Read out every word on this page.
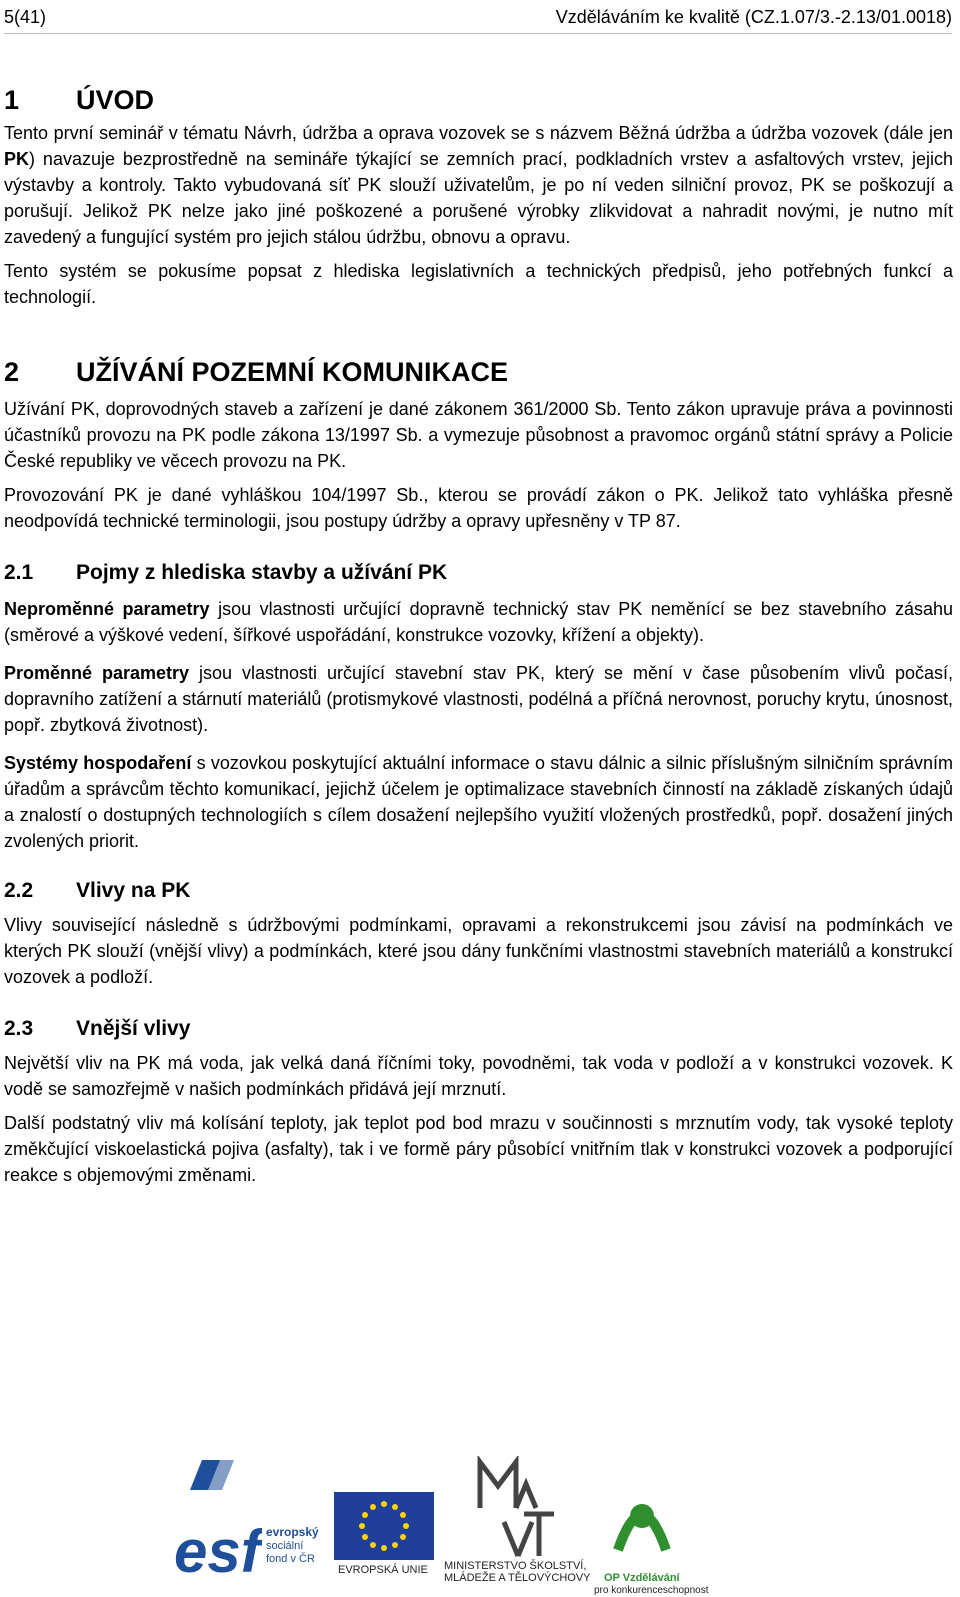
5(41)	Vzděláváním ke kvalitě (CZ.1.07/3.-2.13/01.0018)
1 ÚVOD

Tento první seminář v tématu Návrh, údržba a oprava vozovek se s názvem Běžná údržba a údržba vozovek (dále jen PK) navazuje bezprostředně na semináře týkající se zemních prací, podkladních vrstev a asfaltových vrstev, jejich výstavby a kontroly. Takto vybudovaná síť PK slouží uživatelům, je po ní veden silniční provoz, PK se poškozují a porušují. Jelikož PK nelze jako jiné poškozené a porušené výrobky zlikvidovat a nahradit novými, je nutno mít zavedený a fungující systém pro jejich stálou údržbu, obnovu a opravu.

Tento systém se pokusíme popsat z hlediska legislativních a technických předpisů, jeho potřebných funkcí a technologií.

2 UŽÍVÁNÍ POZEMNÍ KOMUNIKACE

Užívání PK, doprovodných staveb a zařízení je dané zákonem 361/2000 Sb. Tento zákon upravuje práva a povinnosti účastníků provozu na PK podle zákona 13/1997 Sb. a vymezuje působnost a pravomoc orgánů státní správy a Policie České republiky ve věcech provozu na PK.

Provozování PK je dané vyhláškou 104/1997 Sb., kterou se provádí zákon o PK. Jelikož tato vyhláška přesně neodpovídá technické terminologii, jsou postupy údržby a opravy upřesněny v TP 87.

2.1 Pojmy z hlediska stavby a užívání PK

Neproměnné parametry jsou vlastnosti určující dopravně technický stav PK neměnící se bez stavebního zásahu (směrové a výškové vedení, šířkové uspořádání, konstrukce vozovky, křížení a objekty).

Proměnné parametry jsou vlastnosti určující stavební stav PK, který se mění v čase působením vlivů počasí, dopravního zatížení a stárnutí materiálů (protismykové vlastnosti, podélná a příčná nerovnost, poruchy krytu, únosnost, popř. zbytková životnost).

Systémy hospodaření s vozovkou poskytující aktuální informace o stavu dálnic a silnic příslušným silničním správním úřadům a správcům těchto komunikací, jejichž účelem je optimalizace stavebních činností na základě získaných údajů a znalostí o dostupných technologiích s cílem dosažení nejlepšího využití vložených prostředků, popř. dosažení jiných zvolených priorit.

2.2 Vlivy na PK

Vlivy související následně s údržbovými podmínkami, opravami a rekonstrukcemi jsou závisí na podmínkách ve kterých PK slouží (vnější vlivy) a podmínkách, které jsou dány funkčními vlastnostmi stavebních materiálů a konstrukcí vozovek a podloží.

2.3 Vnější vlivy

Největší vliv na PK má voda, jak velká daná říčními toky, povodněmi, tak voda v podloží a v konstrukci vozovek. K vodě se samozřejmě v našich podmínkách přidává její mrznutí.

Další podstatný vliv má kolísání teploty, jak teplot pod bod mrazu v součinnosti s mrznutím vody, tak vysoké teploty změkčující viskoelastická pojiva (asfalty), tak i ve formě páry působící vnitřním tlak v konstrukci vozovek a podporující reakce s objemovými změnami.

esf evropský
sociální
fond v ČR
EVROPSKÁ UNIE MINISTERSTVO ŠKOLSTVÍ,
MLÁDEŽE A TĚLOVÝCHOVY OP Vzdělávání
pro konkurenceschopnost
